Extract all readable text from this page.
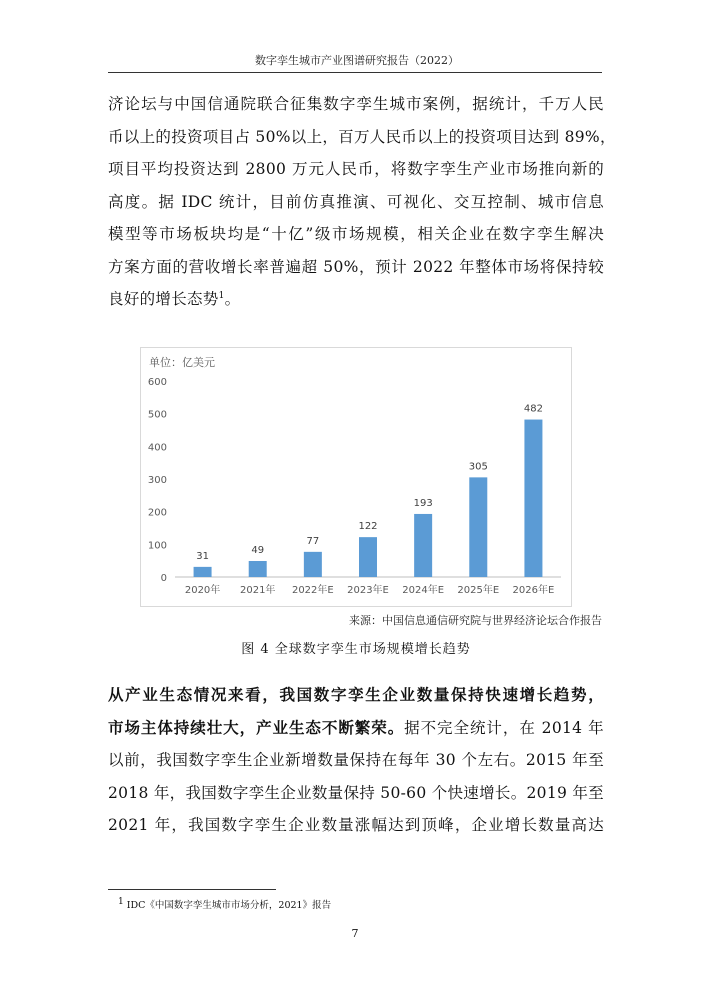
数字孪生城市产业图谱研究报告（2022）
济论坛与中国信通院联合征集数字孪生城市案例，据统计，千万人民
币以上的投资项目占 50%以上，百万人民币以上的投资项目达到 89%，
项目平均投资达到 2800 万元人民币，将数字孪生产业市场推向新的
高度。据 IDC 统计，目前仿真推演、可视化、交互控制、城市信息
模型等市场板块均是“十亿”级市场规模，相关企业在数字孪生解决
方案方面的营收增长率普遍超 50%，预计 2022 年整体市场将保持较
良好的增长态势$^1$。
单位：亿美元
0
100
200
300
400
500
600
31
2020年
49
2021年
77
2022年E
122
2023年E
193
2024年E
305
2025年E
482
2026年E
来源：中国信息通信研究院与世界经济论坛合作报告
图 4 全球数字孪生市场规模增长趋势
从产业生态情况来看，我国数字孪生企业数量保持快速增长趋势，
市场主体持续壮大，产业生态不断繁荣。据不完全统计，在 2014 年
以前，我国数字孪生企业新增数量保持在每年 30 个左右。2015 年至
2018 年，我国数字孪生企业数量保持 50-60 个快速增长。2019 年至
2021 年，我国数字孪生企业数量涨幅达到顶峰，企业增长数量高达
$^1$ IDC《中国数字孪生城市市场分析，2021》报告
7
